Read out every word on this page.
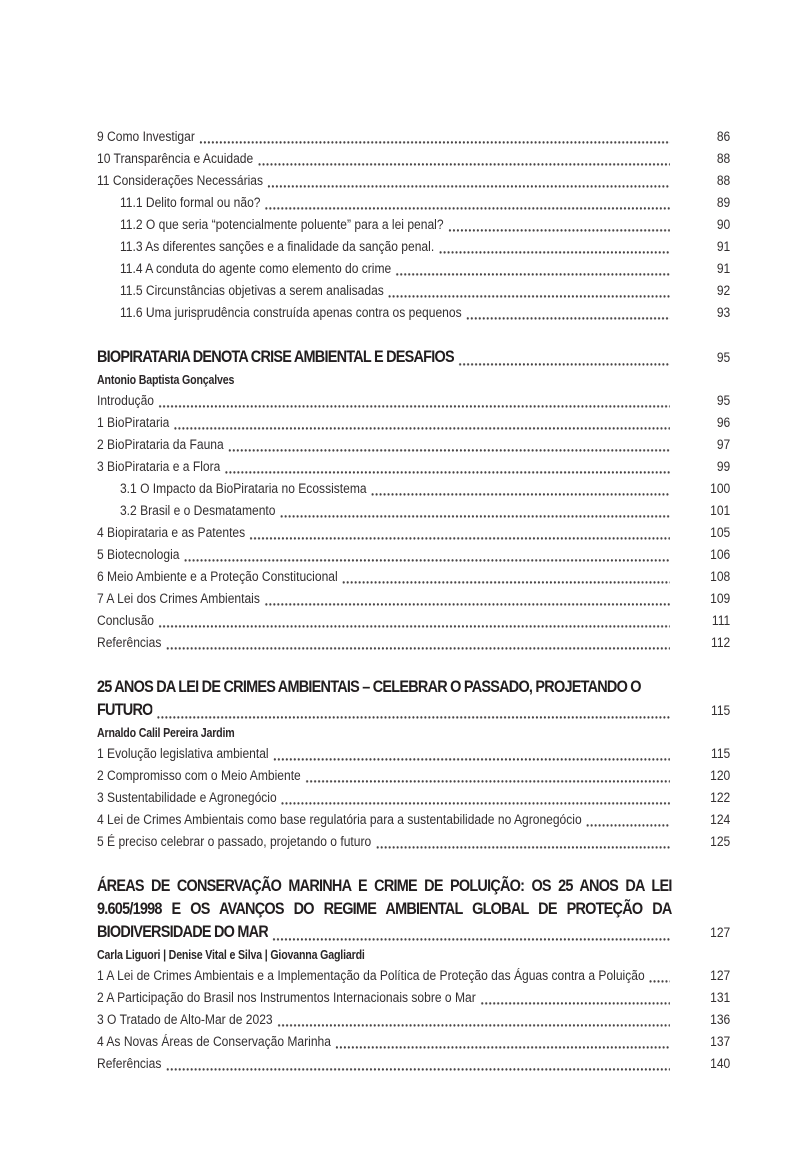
9 Como Investigar	86
10 Transparência e Acuidade	88
11 Considerações Necessárias	88
11.1 Delito formal ou não?	89
11.2 O que seria “potencialmente poluente” para a lei penal?	90
11.3 As diferentes sanções e a finalidade da sanção penal.	91
11.4 A conduta do agente como elemento do crime	91
11.5 Circunstâncias objetivas a serem analisadas	92
11.6 Uma jurisprudência construída apenas contra os pequenos	93
BIOPIRATARIA DENOTA CRISE AMBIENTAL E DESAFIOS	95
Antonio Baptista Gonçalves
Introdução	95
1 BioPirataria	96
2 BioPirataria da Fauna	97
3 BioPirataria e a Flora	99
3.1 O Impacto da BioPirataria no Ecossistema	100
3.2 Brasil e o Desmatamento	101
4 Biopirataria e as Patentes	105
5 Biotecnologia	106
6 Meio Ambiente e a Proteção Constitucional	108
7 A Lei dos Crimes Ambientais	109
Conclusão	111
Referências	112
25 ANOS DA LEI DE CRIMES AMBIENTAIS – CELEBRAR O PASSADO, PROJETANDO O
FUTURO	115
Arnaldo Calil Pereira Jardim
1 Evolução legislativa ambiental	115
2 Compromisso com o Meio Ambiente	120
3 Sustentabilidade e Agronegócio	122
4 Lei de Crimes Ambientais como base regulatória para a sustentabilidade no Agronegócio	124
5 É preciso celebrar o passado, projetando o futuro	125
ÁREAS DE CONSERVAÇÃO MARINHA E CRIME DE POLUIÇÃO: OS 25 ANOS DA LEI
9.605/1998 E OS AVANÇOS DO REGIME AMBIENTAL GLOBAL DE PROTEÇÃO DA
BIODIVERSIDADE DO MAR	127
Carla Liguori | Denise Vital e Silva | Giovanna Gagliardi
1 A Lei de Crimes Ambientais e a Implementação da Política de Proteção das Águas contra a Poluição	127
2 A Participação do Brasil nos Instrumentos Internacionais sobre o Mar	131
3 O Tratado de Alto-Mar de 2023	136
4 As Novas Áreas de Conservação Marinha	137
Referências	140
